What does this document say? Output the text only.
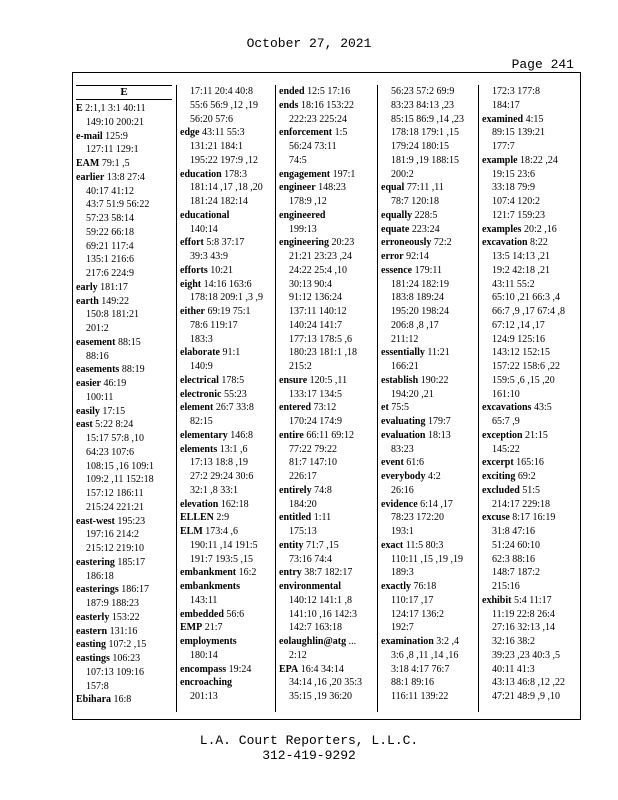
October 27, 2021
Page 241
E
E 2:1,1 3:1 40:11
149:10 200:21
e-mail 125:9
127:11 129:1
EAM 79:1 ,5
earlier 13:8 27:4
40:17 41:12
43:7 51:9 56:22
57:23 58:14
59:22 66:18
69:21 117:4
135:1 216:6
217:6 224:9
early 181:17
earth 149:22
150:8 181:21
201:2
easement 88:15
88:16
easements 88:19
easier 46:19
100:11
easily 17:15
east 5:22 8:24
15:17 57:8 ,10
64:23 107:6
108:15 ,16 109:1
109:2 ,11 152:18
157:12 186:11
215:24 221:21
east-west 195:23
197:16 214:2
215:12 219:10
eastering 185:17
186:18
easterings 186:17
187:9 188:23
easterly 153:22
eastern 131:16
easting 107:2 ,15
eastings 106:23
107:13 109:16
157:8
Ebihara 16:8
17:11 20:4 40:8
55:6 56:9 ,12 ,19
56:20 57:6
edge 43:11 55:3
131:21 184:1
195:22 197:9 ,12
education 178:3
181:14 ,17 ,18 ,20
181:24 182:14
educational
140:14
effort 5:8 37:17
39:3 43:9
efforts 10:21
eight 14:16 163:6
178:18 209:1 ,3 ,9
either 69:19 75:1
78:6 119:17
183:3
elaborate 91:1
140:9
electrical 178:5
electronic 55:23
element 26:7 33:8
82:15
elementary 146:8
elements 13:1 ,6
17:13 18:8 ,19
27:2 29:24 30:6
32:1 ,8 33:1
elevation 162:18
ELLEN 2:9
ELM 173:4 ,6
190:11 ,14 191:5
191:7 193:5 ,15
embankment 16:2
embankments
143:11
embedded 56:6
EMP 21:7
employments
180:14
encompass 19:24
encroaching
201:13
ended 12:5 17:16
ends 18:16 153:22
222:23 225:24
enforcement 1:5
56:24 73:11
74:5
engagement 197:1
engineer 148:23
178:9 ,12
engineered
199:13
engineering 20:23
21:21 23:23 ,24
24:22 25:4 ,10
30:13 90:4
91:12 136:24
137:11 140:12
140:24 141:7
177:13 178:5 ,6
180:23 181:1 ,18
215:2
ensure 120:5 ,11
133:17 134:5
entered 73:12
170:24 174:9
entire 66:11 69:12
77:22 79:22
81:7 147:10
226:17
entirely 74:8
184:20
entitled 1:11
175:13
entity 71:7 ,15
73:16 74:4
entry 38:7 182:17
environmental
140:12 141:1 ,8
141:10 ,16 142:3
142:7 163:18
eolaughlin@atg ...
2:12
EPA 16:4 34:14
34:14 ,16 ,20 35:3
35:15 ,19 36:20
56:23 57:2 69:9
83:23 84:13 ,23
85:15 86:9 ,14 ,23
178:18 179:1 ,15
179:24 180:15
181:9 ,19 188:15
200:2
equal 77:11 ,11
78:7 120:18
equally 228:5
equate 223:24
erroneously 72:2
error 92:14
essence 179:11
181:24 182:19
183:8 189:24
195:20 198:24
206:8 ,8 ,17
211:12
essentially 11:21
166:21
establish 190:22
194:20 ,21
et 75:5
evaluating 179:7
evaluation 18:13
83:23
event 61:6
everybody 4:2
26:16
evidence 6:14 ,17
78:23 172:20
193:1
exact 11:5 80:3
110:11 ,15 ,19 ,19
189:3
exactly 76:18
110:17 ,17
124:17 136:2
192:7
examination 3:2 ,4
3:6 ,8 ,11 ,14 ,16
3:18 4:17 76:7
88:1 89:16
116:11 139:22
172:3 177:8
184:17
examined 4:15
89:15 139:21
177:7
example 18:22 ,24
19:15 23:6
33:18 79:9
107:4 120:2
121:7 159:23
examples 20:2 ,16
excavation 8:22
13:5 14:13 ,21
19:2 42:18 ,21
43:11 55:2
65:10 ,21 66:3 ,4
66:7 ,9 ,17 67:4 ,8
67:12 ,14 ,17
124:9 125:16
143:12 152:15
157:22 158:6 ,22
159:5 ,6 ,15 ,20
161:10
excavations 43:5
65:7 ,9
exception 21:15
145:22
excerpt 165:16
exciting 69:2
excluded 51:5
214:17 229:18
excuse 8:17 16:19
31:8 47:16
51:24 60:10
62:3 88:16
148:7 187:2
215:16
exhibit 5:4 11:17
11:19 22:8 26:4
27:16 32:13 ,14
32:16 38:2
39:23 ,23 40:3 ,5
40:11 41:3
43:13 46:8 ,12 ,22
47:21 48:9 ,9 ,10
L.A. Court Reporters, L.L.C.
312-419-9292
